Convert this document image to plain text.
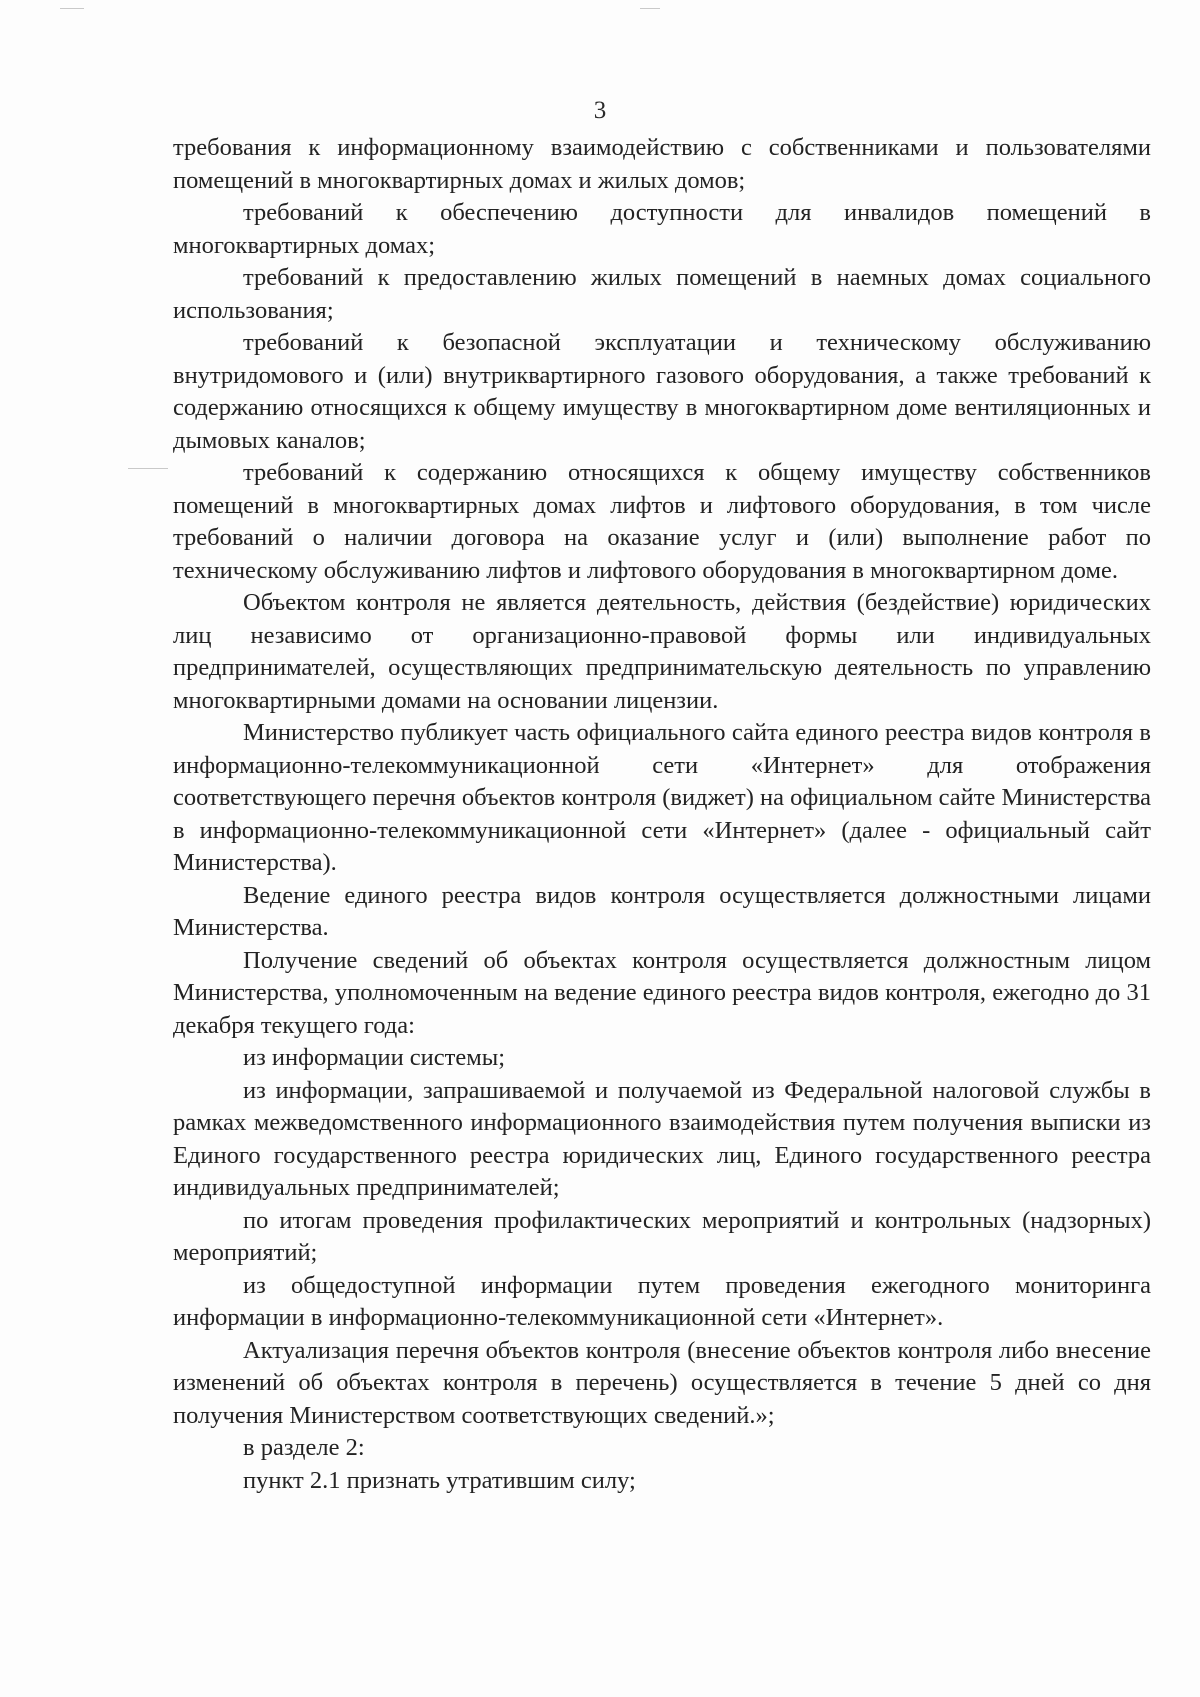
3

требования к информационному взаимодействию с собственниками и пользователями помещений в многоквартирных домах и жилых домов;

требований к обеспечению доступности для инвалидов помещений в многоквартирных домах;

требований к предоставлению жилых помещений в наемных домах социального использования;

требований к безопасной эксплуатации и техническому обслуживанию внутридомового и (или) внутриквартирного газового оборудования, а также требований к содержанию относящихся к общему имуществу в многоквартирном доме вентиляционных и дымовых каналов;

требований к содержанию относящихся к общему имуществу собственников помещений в многоквартирных домах лифтов и лифтового оборудования, в том числе требований о наличии договора на оказание услуг и (или) выполнение работ по техническому обслуживанию лифтов и лифтового оборудования в многоквартирном доме.

Объектом контроля не является деятельность, действия (бездействие) юридических лиц независимо от организационно-правовой формы или индивидуальных предпринимателей, осуществляющих предпринимательскую деятельность по управлению многоквартирными домами на основании лицензии.

Министерство публикует часть официального сайта единого реестра видов контроля в информационно-телекоммуникационной сети «Интернет» для отображения соответствующего перечня объектов контроля (виджет) на официальном сайте Министерства в информационно-телекоммуникационной сети «Интернет» (далее - официальный сайт Министерства).

Ведение единого реестра видов контроля осуществляется должностными лицами Министерства.

Получение сведений об объектах контроля осуществляется должностным лицом Министерства, уполномоченным на ведение единого реестра видов контроля, ежегодно до 31 декабря текущего года:

из информации системы;

из информации, запрашиваемой и получаемой из Федеральной налоговой службы в рамках межведомственного информационного взаимодействия путем получения выписки из Единого государственного реестра юридических лиц, Единого государственного реестра индивидуальных предпринимателей;

по итогам проведения профилактических мероприятий и контрольных (надзорных) мероприятий;

из общедоступной информации путем проведения ежегодного мониторинга информации в информационно-телекоммуникационной сети «Интернет».

Актуализация перечня объектов контроля (внесение объектов контроля либо внесение изменений об объектах контроля в перечень) осуществляется в течение 5 дней со дня получения Министерством соответствующих сведений.»;

в разделе 2:

пункт 2.1 признать утратившим силу;
